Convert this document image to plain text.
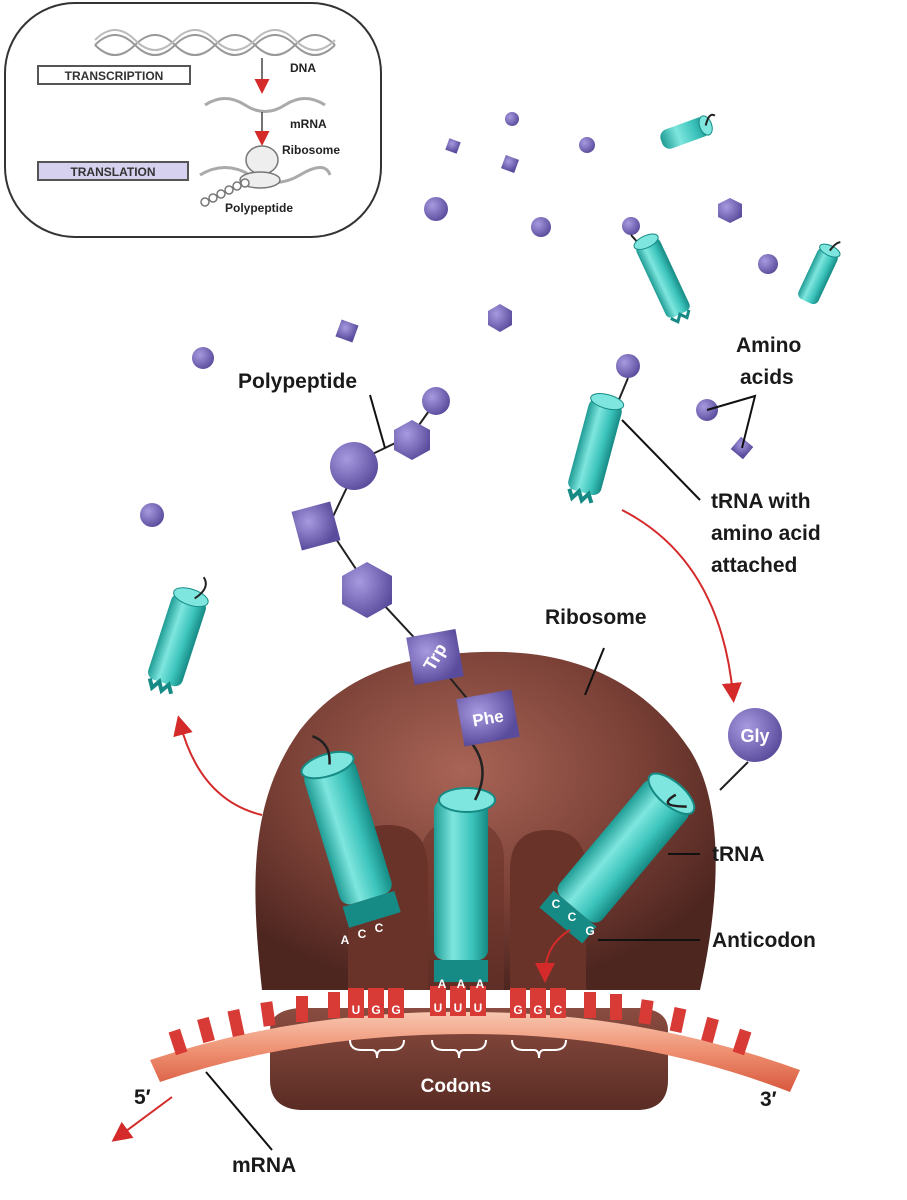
TRANSCRIPTION
DNA
mRNA
TRANSLATION
Ribosome
Polypeptide
U G G	U U U	G G C
Codons
A C C
A A A
C
C
G
Trp
Phe
Gly
Polypeptide
Amino
acids
tRNA with
amino acid
attached
Ribosome
tRNA
Anticodon
5′	3′
mRNA
